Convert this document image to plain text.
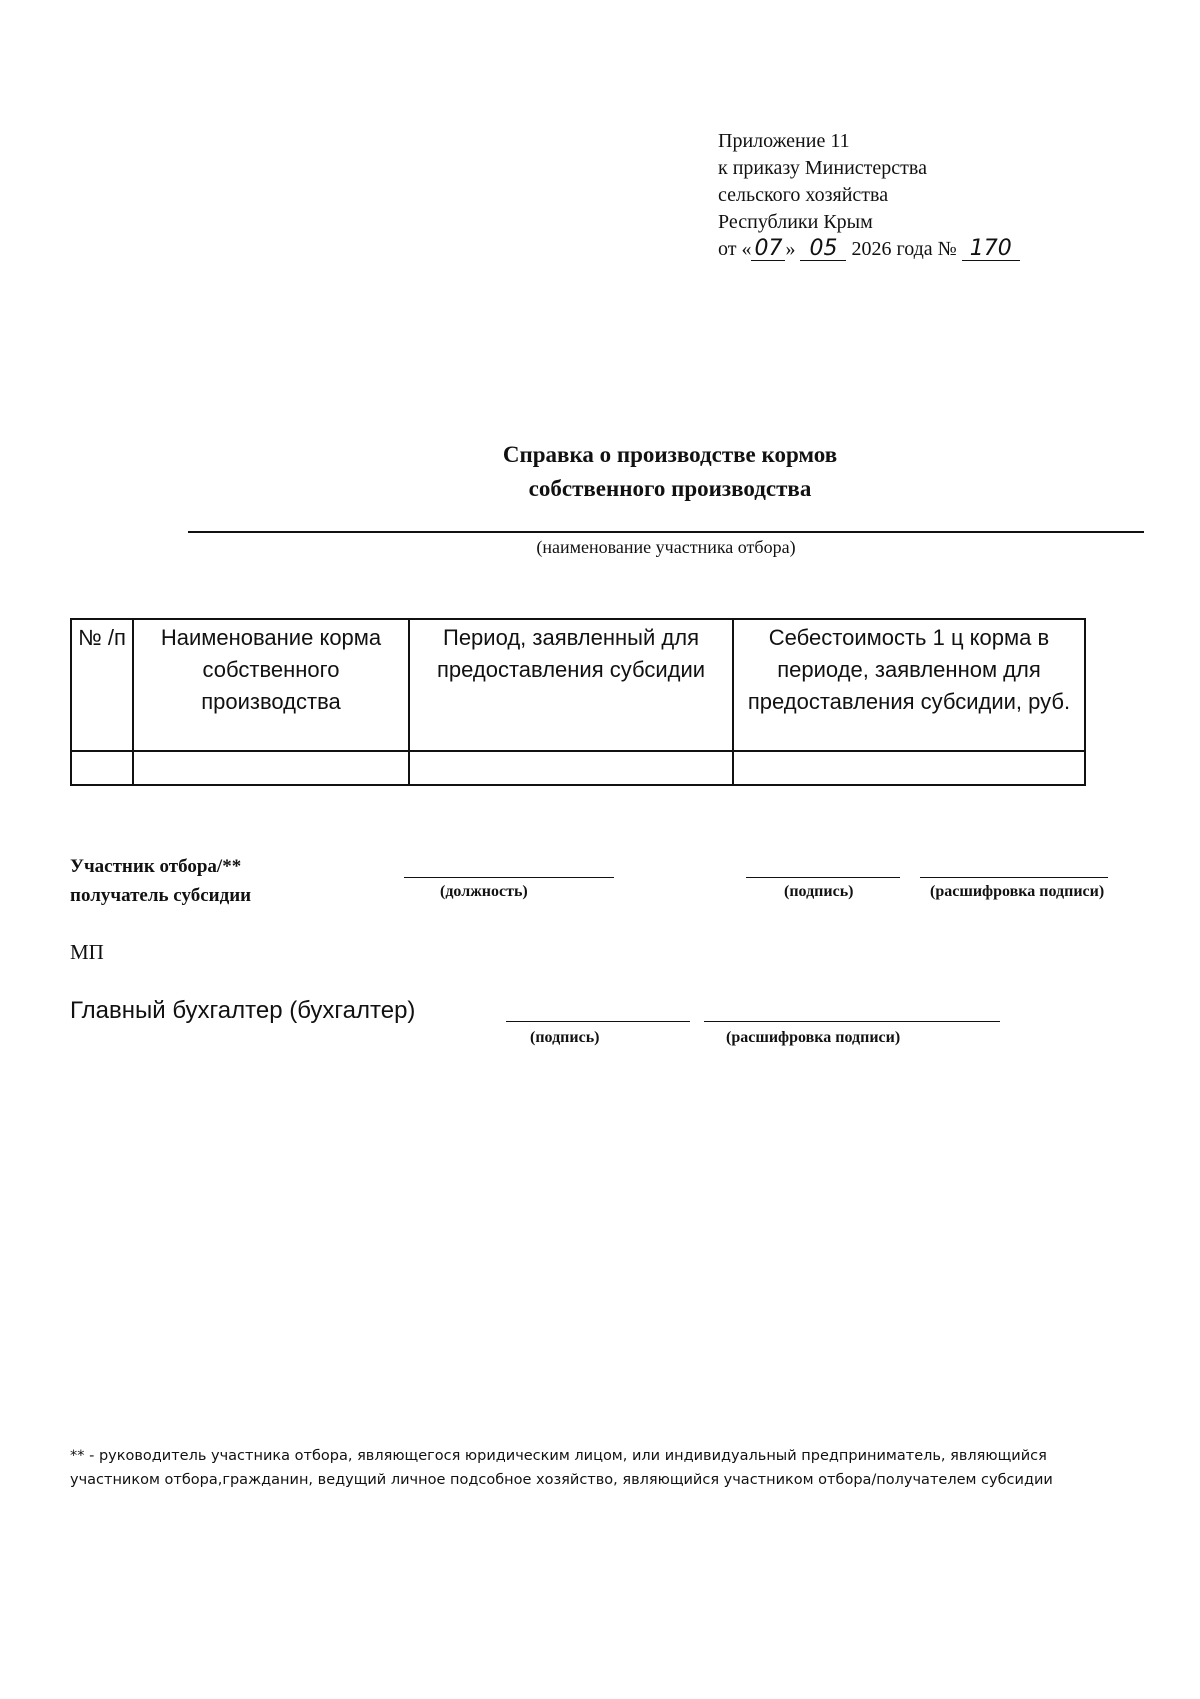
Приложение 11
к приказу Министерства
сельского хозяйства
Республики Крым
от « 07 » 05 2026 года № 170
Справка о производстве кормов
собственного производства
(наименование участника отбора)
№ /п	Наименование корма собственного производства	Период, заявленный для предоставления субсидии	Себестоимость 1 ц корма в периоде, заявленном для предоставления субсидии, руб.

Участник отбора/**
получатель субсидии	(должность)	(подпись)	(расшифровка подписи)
МП
Главный бухгалтер (бухгалтер)
(подпись)	(расшифровка подписи)
** - руководитель участника отбора, являющегося юридическим лицом, или индивидуальный предприниматель, являющийся участником отбора,гражданин, ведущий личное подсобное хозяйство, являющийся участником отбора/получателем субсидии
